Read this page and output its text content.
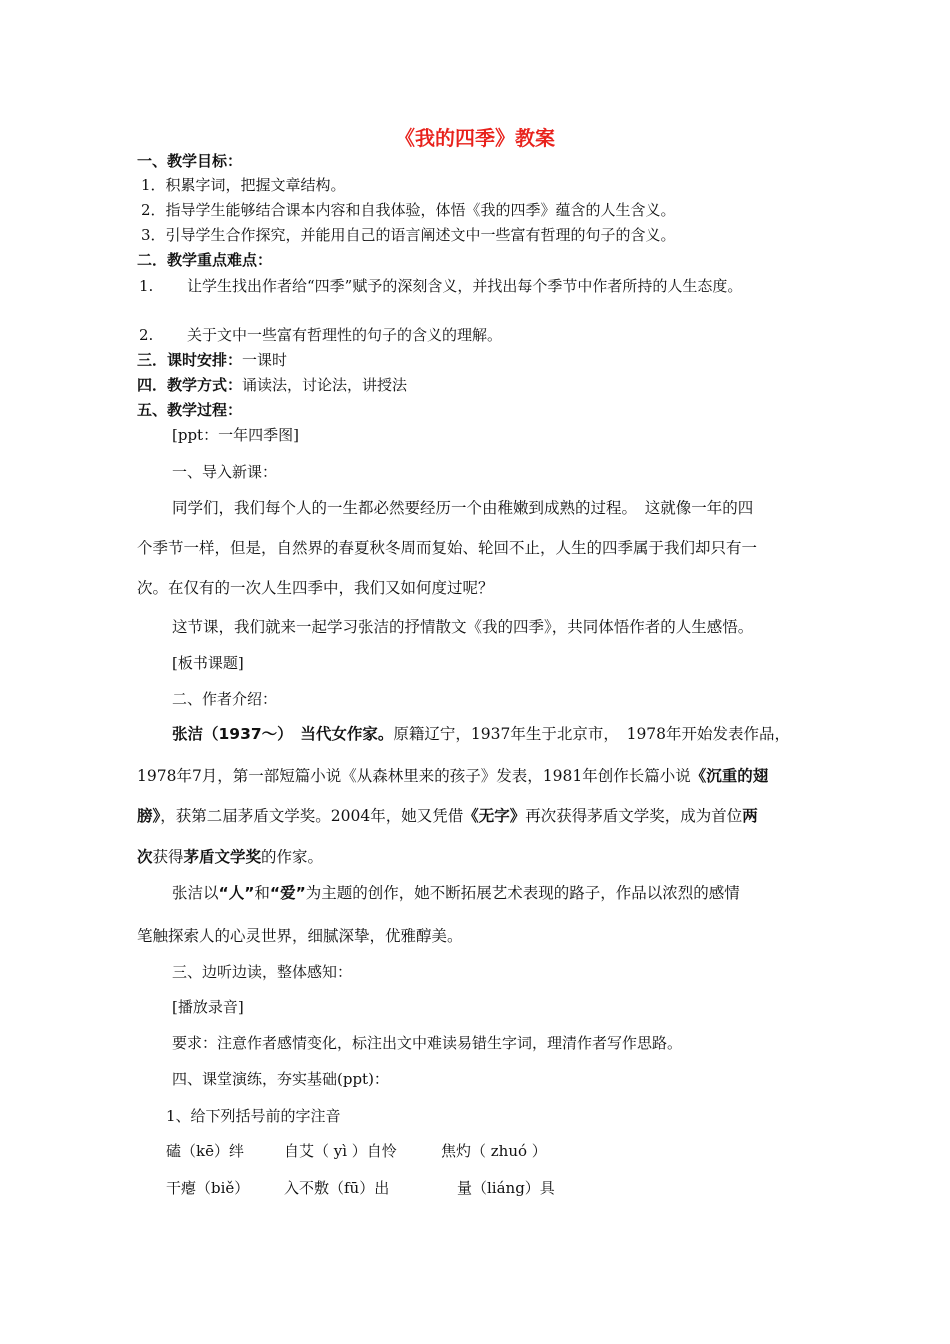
《我的四季》教案
一、教学目标：
1．积累字词，把握文章结构。
2．指导学生能够结合课本内容和自我体验，体悟《我的四季》蕴含的人生含义。
3．引导学生合作探究，并能用自己的语言阐述文中一些富有哲理的句子的含义。
二．教学重点难点：
1. 让学生找出作者给“四季”赋予的深刻含义，并找出每个季节中作者所持的人生态度。
2. 关于文中一些富有哲理性的句子的含义的理解。
三．课时安排：一课时
四．教学方式：诵读法，讨论法，讲授法
五、教学过程：
[ppt：一年四季图]
一、导入新课：
同学们，我们每个人的一生都必然要经历一个由稚嫩到成熟的过程。　这就像一年的四
个季节一样，但是，自然界的春夏秋冬周而复始、轮回不止，人生的四季属于我们却只有一
次。在仅有的一次人生四季中，我们又如何度过呢？
这节课，我们就来一起学习张洁的抒情散文《我的四季》，共同体悟作者的人生感悟。
[板书课题]
二、作者介绍：
张洁（1937～）　当代女作家。原籍辽宁，1937年生于北京市，　1978年开始发表作品，
1978年7月，第一部短篇小说《从森林里来的孩子》发表，1981年创作长篇小说《沉重的翅
膀》，获第二届茅盾文学奖。2004年，她又凭借《无字》再次获得茅盾文学奖，成为首位两
次获得茅盾文学奖的作家。
张洁以“人”和“爱”为主题的创作，她不断拓展艺术表现的路子，作品以浓烈的感情
笔触探索人的心灵世界，细腻深挚，优雅醇美。
三、边听边读，整体感知：
[播放录音]
要求：注意作者感情变化，标注出文中难读易错生字词，理清作者写作思路。
四、课堂演练，夯实基础(ppt)：
1、给下列括号前的字注音
磕（kē）绊	自艾（ yì ）自怜	焦灼（ zhuó ）
干瘪（biě） 入不敷（fū）出	量（liáng）具
